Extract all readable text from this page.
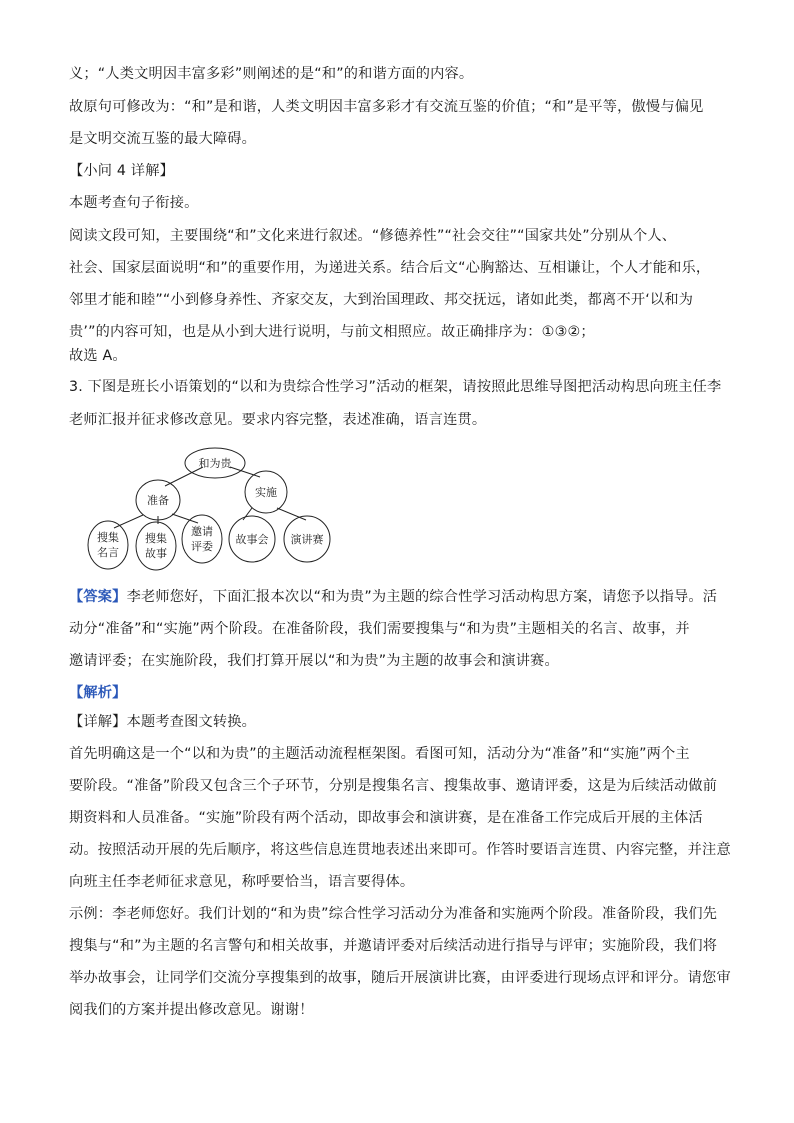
义；“人类文明因丰富多彩”则阐述的是“和”的和谐方面的内容。
故原句可修改为：“和”是和谐，人类文明因丰富多彩才有交流互鉴的价值；“和”是平等，傲慢与偏见
是文明交流互鉴的最大障碍。
【小问 4 详解】
本题考查句子衔接。
阅读文段可知，主要围绕“和”文化来进行叙述。“修德养性”“社会交往”“国家共处”分别从个人、
社会、国家层面说明“和”的重要作用，为递进关系。结合后文“心胸豁达、互相谦让，个人才能和乐，
邻里才能和睦”“小到修身养性、齐家交友，大到治国理政、邦交抚远，诸如此类，都离不开‘以和为
贵’”的内容可知，也是从小到大进行说明，与前文相照应。故正确排序为：①③②；
故选 A。
3. 下图是班长小语策划的“以和为贵综合性学习”活动的框架，请按照此思维导图把活动构思向班主任李
老师汇报并征求修改意见。要求内容完整，表述准确，语言连贯。
和为贵
准备
实施
搜集
名言
搜集
故事
邀请
评委
故事会 演讲赛
【答案】李老师您好，下面汇报本次以“和为贵”为主题的综合性学习活动构思方案，请您予以指导。活
动分“准备”和“实施”两个阶段。在准备阶段，我们需要搜集与“和为贵”主题相关的名言、故事，并
邀请评委；在实施阶段，我们打算开展以“和为贵”为主题的故事会和演讲赛。
【解析】
【详解】本题考查图文转换。
首先明确这是一个“以和为贵”的主题活动流程框架图。看图可知，活动分为“准备”和“实施”两个主
要阶段。“准备”阶段又包含三个子环节，分别是搜集名言、搜集故事、邀请评委，这是为后续活动做前
期资料和人员准备。“实施”阶段有两个活动，即故事会和演讲赛，是在准备工作完成后开展的主体活
动。按照活动开展的先后顺序，将这些信息连贯地表述出来即可。作答时要语言连贯、内容完整，并注意
向班主任李老师征求意见，称呼要恰当，语言要得体。
示例：李老师您好。我们计划的“和为贵”综合性学习活动分为准备和实施两个阶段。准备阶段，我们先
搜集与“和”为主题的名言警句和相关故事，并邀请评委对后续活动进行指导与评审；实施阶段，我们将
举办故事会，让同学们交流分享搜集到的故事，随后开展演讲比赛，由评委进行现场点评和评分。请您审
阅我们的方案并提出修改意见。谢谢！
